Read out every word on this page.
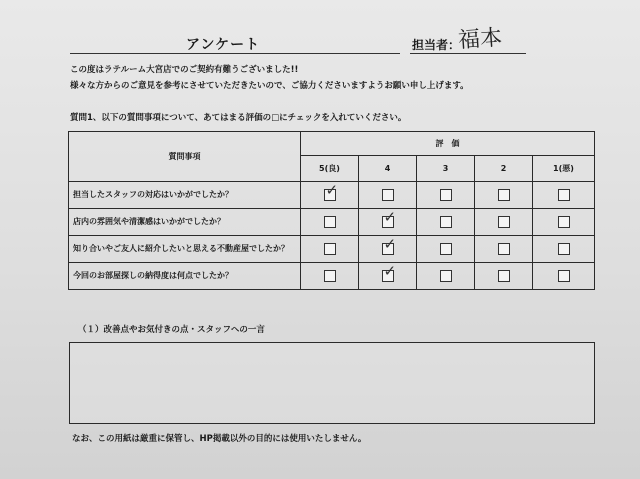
アンケート	担当者：
福本
この度はラテルーム大宮店でのご契約有難うございました!!
様々な方からのご意見を参考にさせていただきたいので、ご協力くださいますようお願い申し上げます。
質問1、以下の質問事項について、あてはまる評価の□にチェックを入れていください。
質問事項	評　価				
	5(良)	4	3	2	1(悪)
担当したスタッフの対応はいかがでしたか？	✓				
店内の雰囲気や清潔感はいかがでしたか？		✓			
知り合いやご友人に紹介したいと思える不動産屋でしたか？		✓			
今回のお部屋探しの納得度は何点でしたか？		✓			
（１）改善点やお気付きの点・スタッフへの一言
なお、この用紙は厳重に保管し、HP掲載以外の目的には使用いたしません。
